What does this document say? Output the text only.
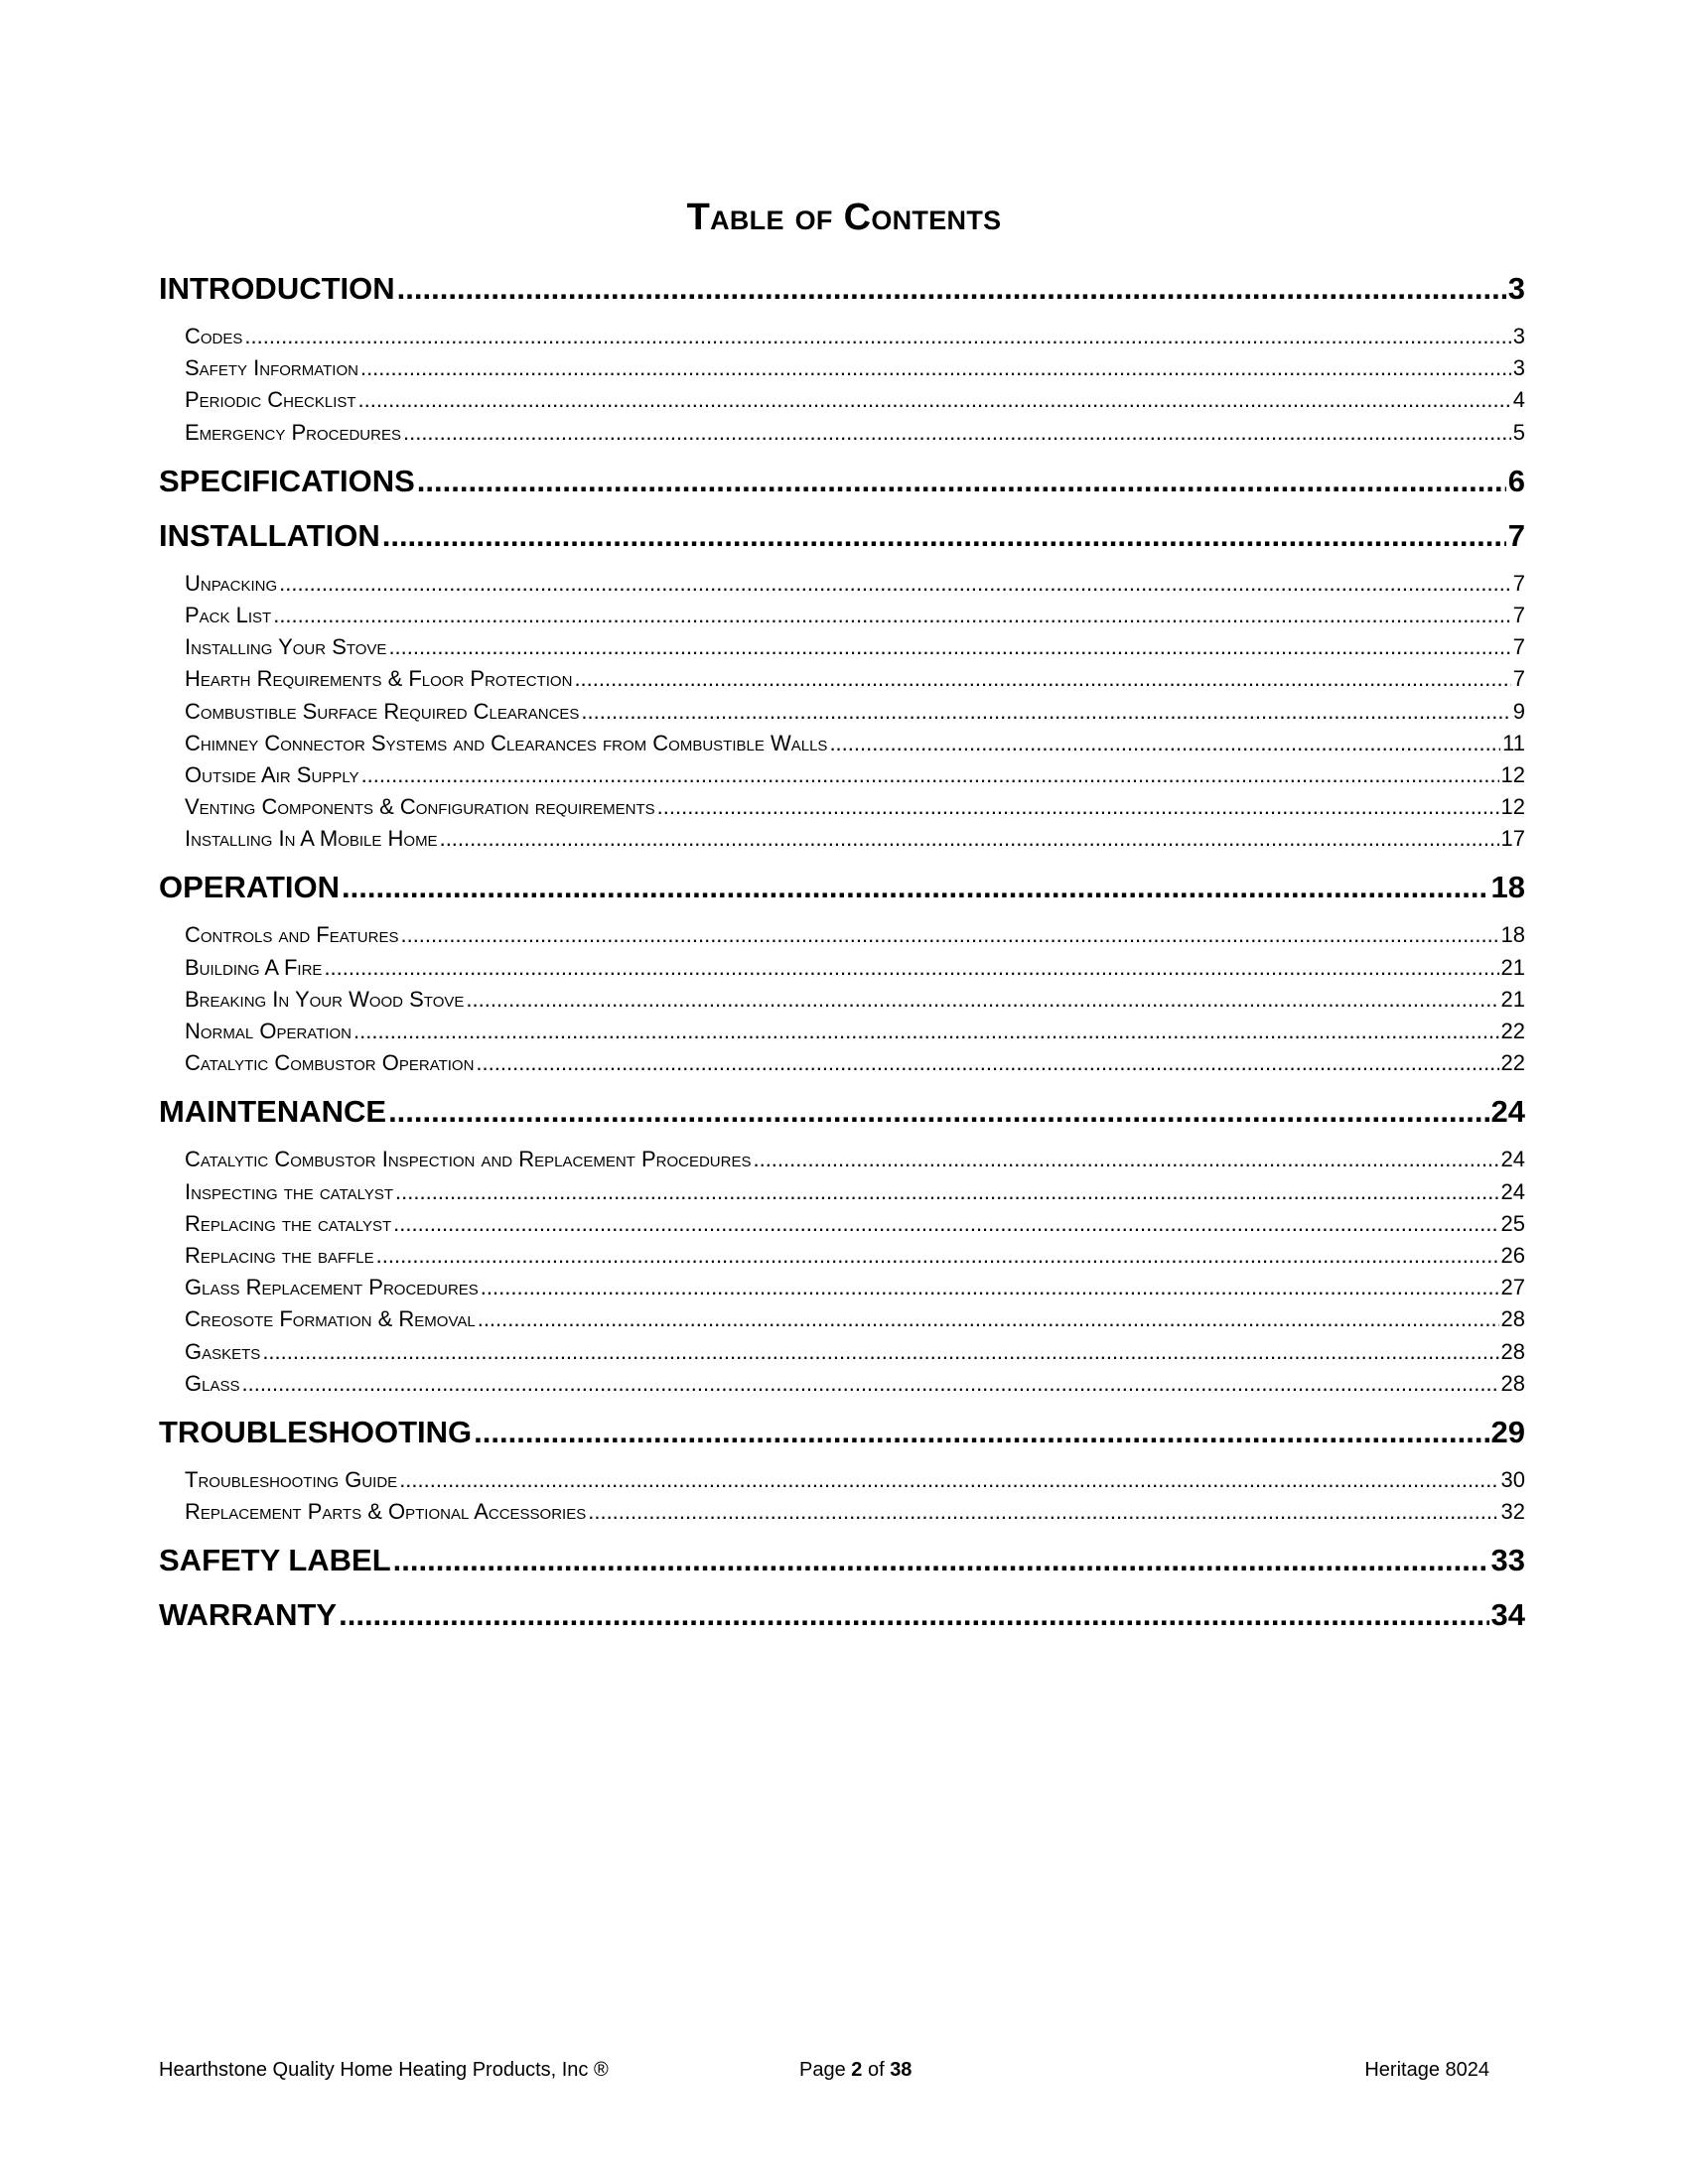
Table of Contents
INTRODUCTION .....	3
Codes .....	3
Safety Information .....	3
Periodic Checklist .....	4
Emergency Procedures .....	5
SPECIFICATIONS .....	6
INSTALLATION .....	7
Unpacking .....	7
Pack List .....	7
Installing Your Stove .....	7
Hearth Requirements & Floor Protection .....	7
Combustible Surface Required Clearances .....	9
Chimney Connector Systems and Clearances from Combustible Walls .....	11
Outside Air Supply .....	12
Venting Components & Configuration requirements .....	12
Installing In A Mobile Home .....	17
OPERATION .....	18
Controls and Features .....	18
Building A Fire .....	21
Breaking In Your Wood Stove .....	21
Normal Operation .....	22
Catalytic Combustor Operation .....	22
MAINTENANCE .....	24
Catalytic Combustor Inspection and Replacement Procedures .....	24
Inspecting the catalyst .....	24
Replacing the catalyst .....	25
Replacing the baffle .....	26
Glass Replacement Procedures .....	27
Creosote Formation & Removal .....	28
Gaskets .....	28
Glass .....	28
TROUBLESHOOTING .....	29
Troubleshooting Guide .....	30
Replacement Parts & Optional Accessories .....	32
SAFETY LABEL .....	33
WARRANTY .....	34
Hearthstone Quality Home Heating Products, Inc ®	Page 2 of 38	Heritage 8024
